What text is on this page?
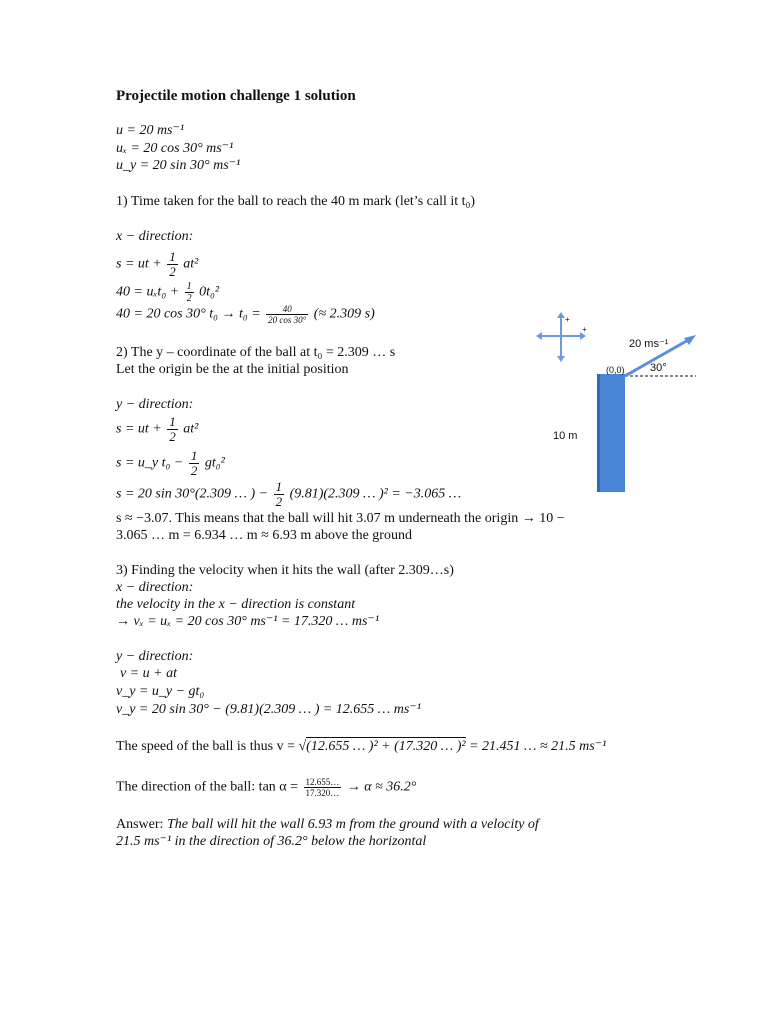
Projectile motion challenge 1 solution
u = 20 ms⁻¹
uₓ = 20 cos 30° ms⁻¹
u_y = 20 sin 30° ms⁻¹
1) Time taken for the ball to reach the 40 m mark (let’s call it t₀)
x − direction:
s = ut + $\frac{1}{2} at^2$
$40 = u_xt_0 + \frac{1}{2} 0t_0^2$
40 = 20 cos 30° $t_0 \to t_0 = \frac{40}{20 \cos 30^\circ}$ (≈ 2.309 s)
2) The y – coordinate of the ball at t₀ = 2.309 … s
Let the origin be the at the initial position
y − direction:
s = ut + $\frac{1}{2} at^2$
s = u_y $t_0 - \frac{1}{2} gt_0^2$
s = 20 sin 30°(2.309 … ) − $\frac{1}{2} (9.81)(2.309$ … )² = −3.065 …
s ≈ −3.07. This means that the ball will hit 3.07 m underneath the origin → 10 −
3.065 … m = 6.934 … m ≈ 6.93 m above the ground
3) Finding the velocity when it hits the wall (after 2.309…s)
x − direction:
the velocity in the x − direction is constant
→ vₓ = uₓ = 20 cos 30° ms⁻¹ = 17.320 … ms⁻¹
y − direction:
v = u + at
v_y = u_y − gt₀
v_y = 20 sin 30° − (9.81)(2.309 … ) = 12.655 … ms⁻¹
The speed of the ball is thus v = √(12.655 … )² + (17.320 … )² = 21.451 … ≈ 21.5 ms⁻¹
The direction of the ball: $\tan \alpha = \frac{12.655\dots}{17.320\dots} \to \alpha \approx 36.2^\circ$
Answer: The ball will hit the wall 6.93 m from the ground with a velocity of
21.5 ms⁻¹ in the direction of 36.2° below the horizontal
+
+
20 ms⁻¹
30°
(0,0)
10 m
